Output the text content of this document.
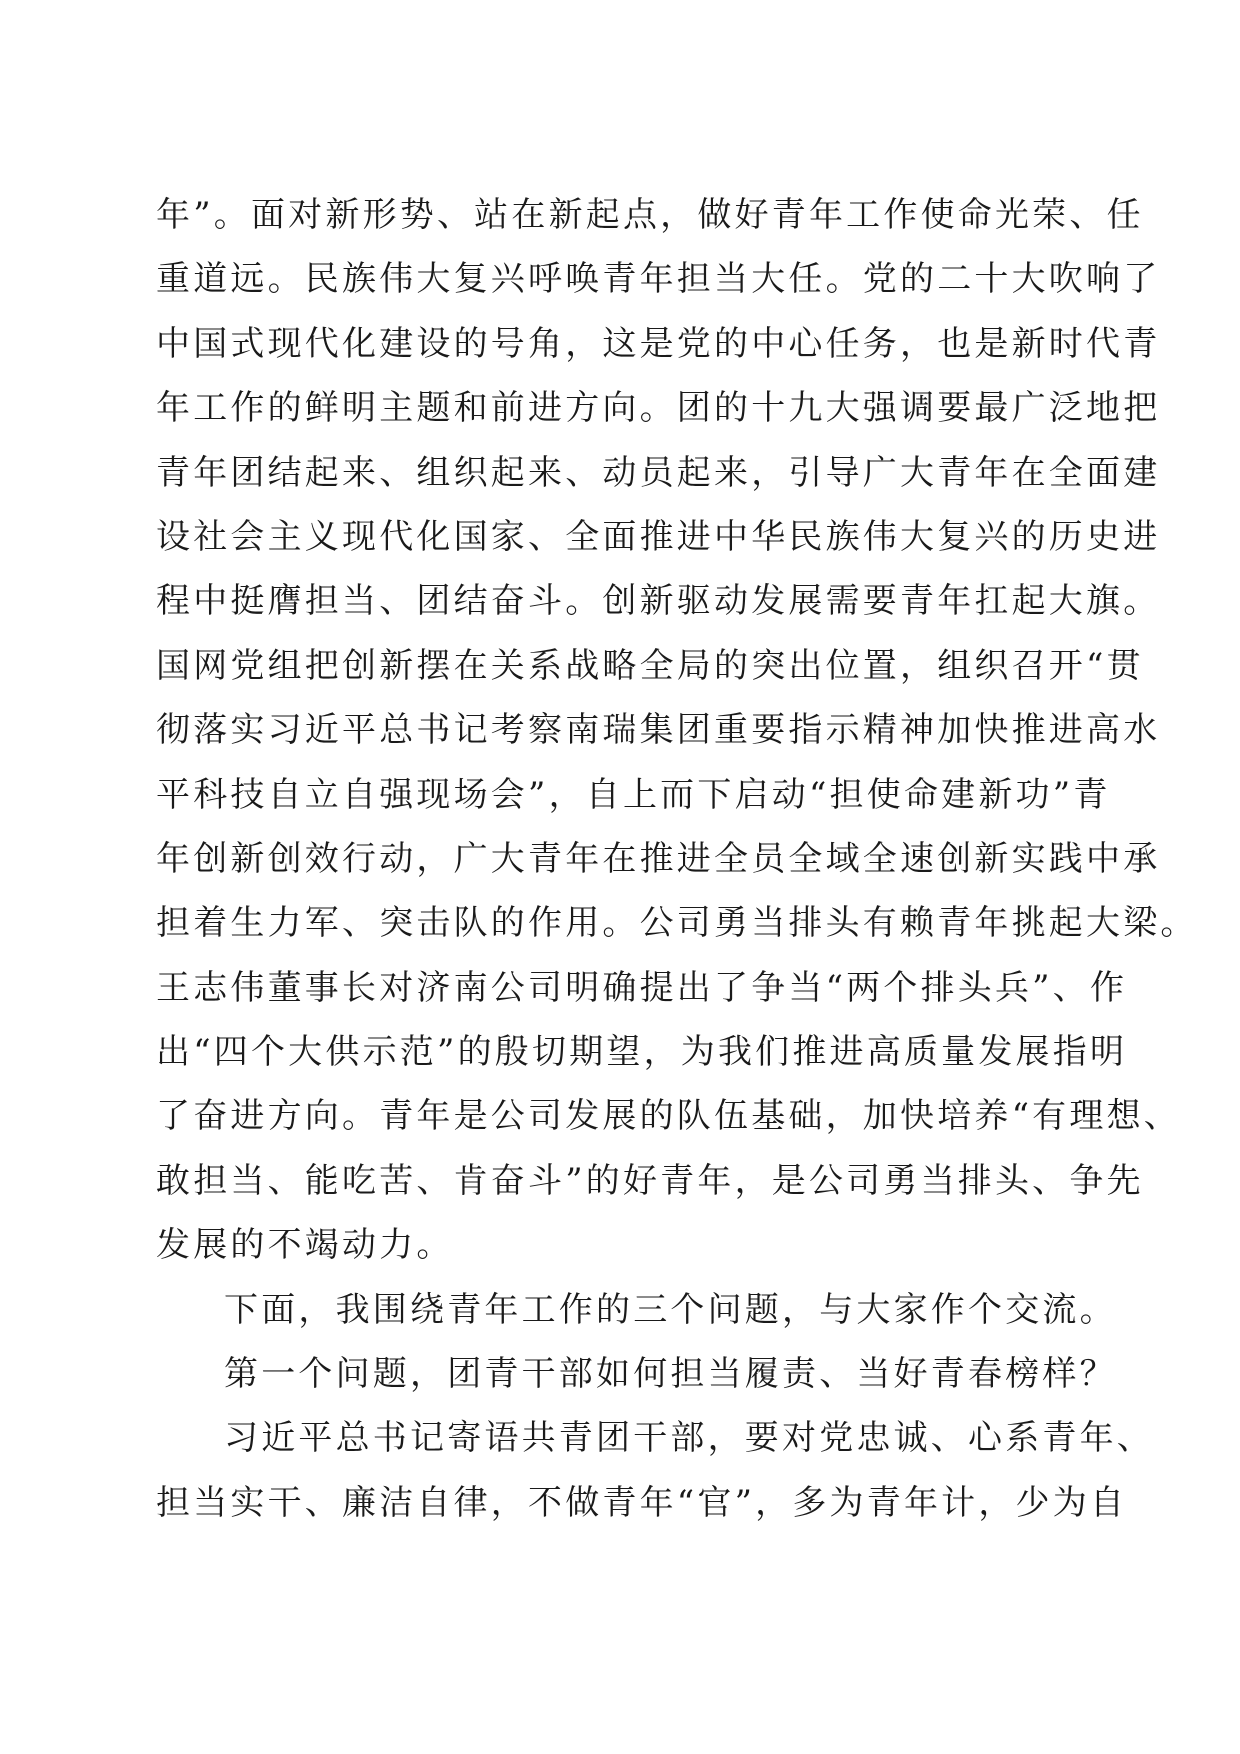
年”。面对新形势、站在新起点，做好青年工作使命光荣、任

重道远。民族伟大复兴呼唤青年担当大任。党的二十大吹响了

中国式现代化建设的号角，这是党的中心任务，也是新时代青

年工作的鲜明主题和前进方向。团的十九大强调要最广泛地把

青年团结起来、组织起来、动员起来，引导广大青年在全面建

设社会主义现代化国家、全面推进中华民族伟大复兴的历史进

程中挺膺担当、团结奋斗。创新驱动发展需要青年扛起大旗。

国网党组把创新摆在关系战略全局的突出位置，组织召开“贯

彻落实习近平总书记考察南瑞集团重要指示精神加快推进高水

平科技自立自强现场会”，自上而下启动“担使命建新功”青

年创新创效行动，广大青年在推进全员全域全速创新实践中承

担着生力军、突击队的作用。公司勇当排头有赖青年挑起大梁。

王志伟董事长对济南公司明确提出了争当“两个排头兵”、作

出“四个大供示范”的殷切期望，为我们推进高质量发展指明

了奋进方向。青年是公司发展的队伍基础，加快培养“有理想、

敢担当、能吃苦、肯奋斗”的好青年，是公司勇当排头、争先

发展的不竭动力。

下面，我围绕青年工作的三个问题，与大家作个交流。

第一个问题，团青干部如何担当履责、当好青春榜样？

习近平总书记寄语共青团干部，要对党忠诚、心系青年、

担当实干、廉洁自律，不做青年“官”，多为青年计，少为自
